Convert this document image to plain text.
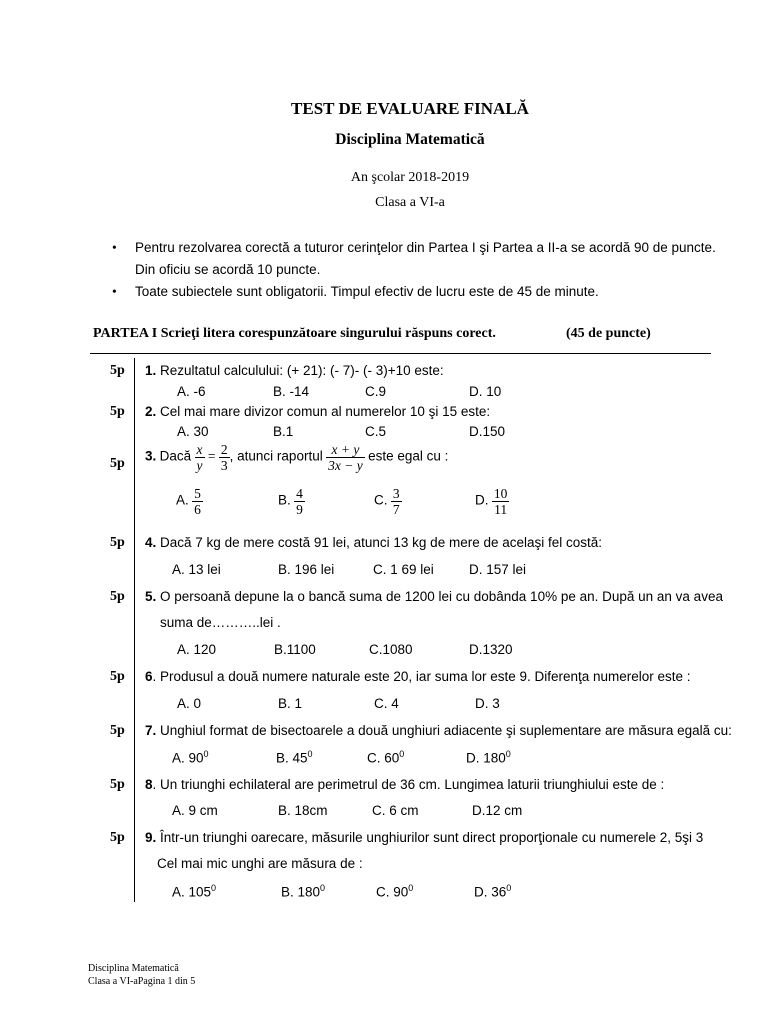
TEST DE EVALUARE FINALĂ
Disciplina Matematică
An şcolar 2018-2019
Clasa a VI-a
• Pentru rezolvarea corectă a tuturor cerinţelor din Partea I şi Partea a II-a se acordă 90 de puncte.
Din oficiu se acordă 10 puncte.
• Toate subiectele sunt obligatorii. Timpul efectiv de lucru este de 45 de minute.
PARTEA I Scrieţi litera corespunzătoare singurului răspuns corect.	(45 de puncte)
5p 1. Rezultatul calculului: (+ 21): (- 7)- (- 3)+10 este:
A. -6	B. -14	C.9	D. 10
5p 2. Cel mai mare divizor comun al numerelor 10 şi 15 este:
A. 30	B.1	C.5	D.150
5p 3. Dacă $\frac{x}{y} = \frac{2}{3}$ , atunci raportul $\frac{x + y}{3x - y}$ este egal cu :
A. $\frac{5}{6}$	B. $\frac{4}{9}$	C. $\frac{3}{7}$	D. $\frac{10}{11}$
5p 4. Dacă 7 kg de mere costă 91 lei, atunci 13 kg de mere de acelaşi fel costă:
A. 13 lei	B. 196 lei	C. 1 69 lei	D. 157 lei
5p 5. O persoană depune la o bancă suma de 1200 lei cu dobânda 10% pe an. După un an va avea
suma de………..lei .
A. 120	B.1100	C.1080	D.1320
5p 6. Produsul a două numere naturale este 20, iar suma lor este 9. Diferenţa numerelor este :
A. 0	B. 1	C. 4	D. 3
5p 7. Unghiul format de bisectoarele a două unghiuri adiacente şi suplementare are măsura egală cu:
A. $90^0$	B. $45^0$	C. $60^0$	D. $180^0$
5p 8. Un triunghi echilateral are perimetrul de 36 cm. Lungimea laturii triunghiului este de :
A. 9 cm	B. 18cm	C. 6 cm	D.12 cm
5p 9. Într-un triunghi oarecare, măsurile unghiurilor sunt direct proporţionale cu numerele 2, 5şi 3
Cel mai mic unghi are măsura de :
A. $105^0$	B. $180^0$	C. $90^0$	D. $36^0$
Disciplina Matematică
Clasa a VI-aPagina 1 din 5
